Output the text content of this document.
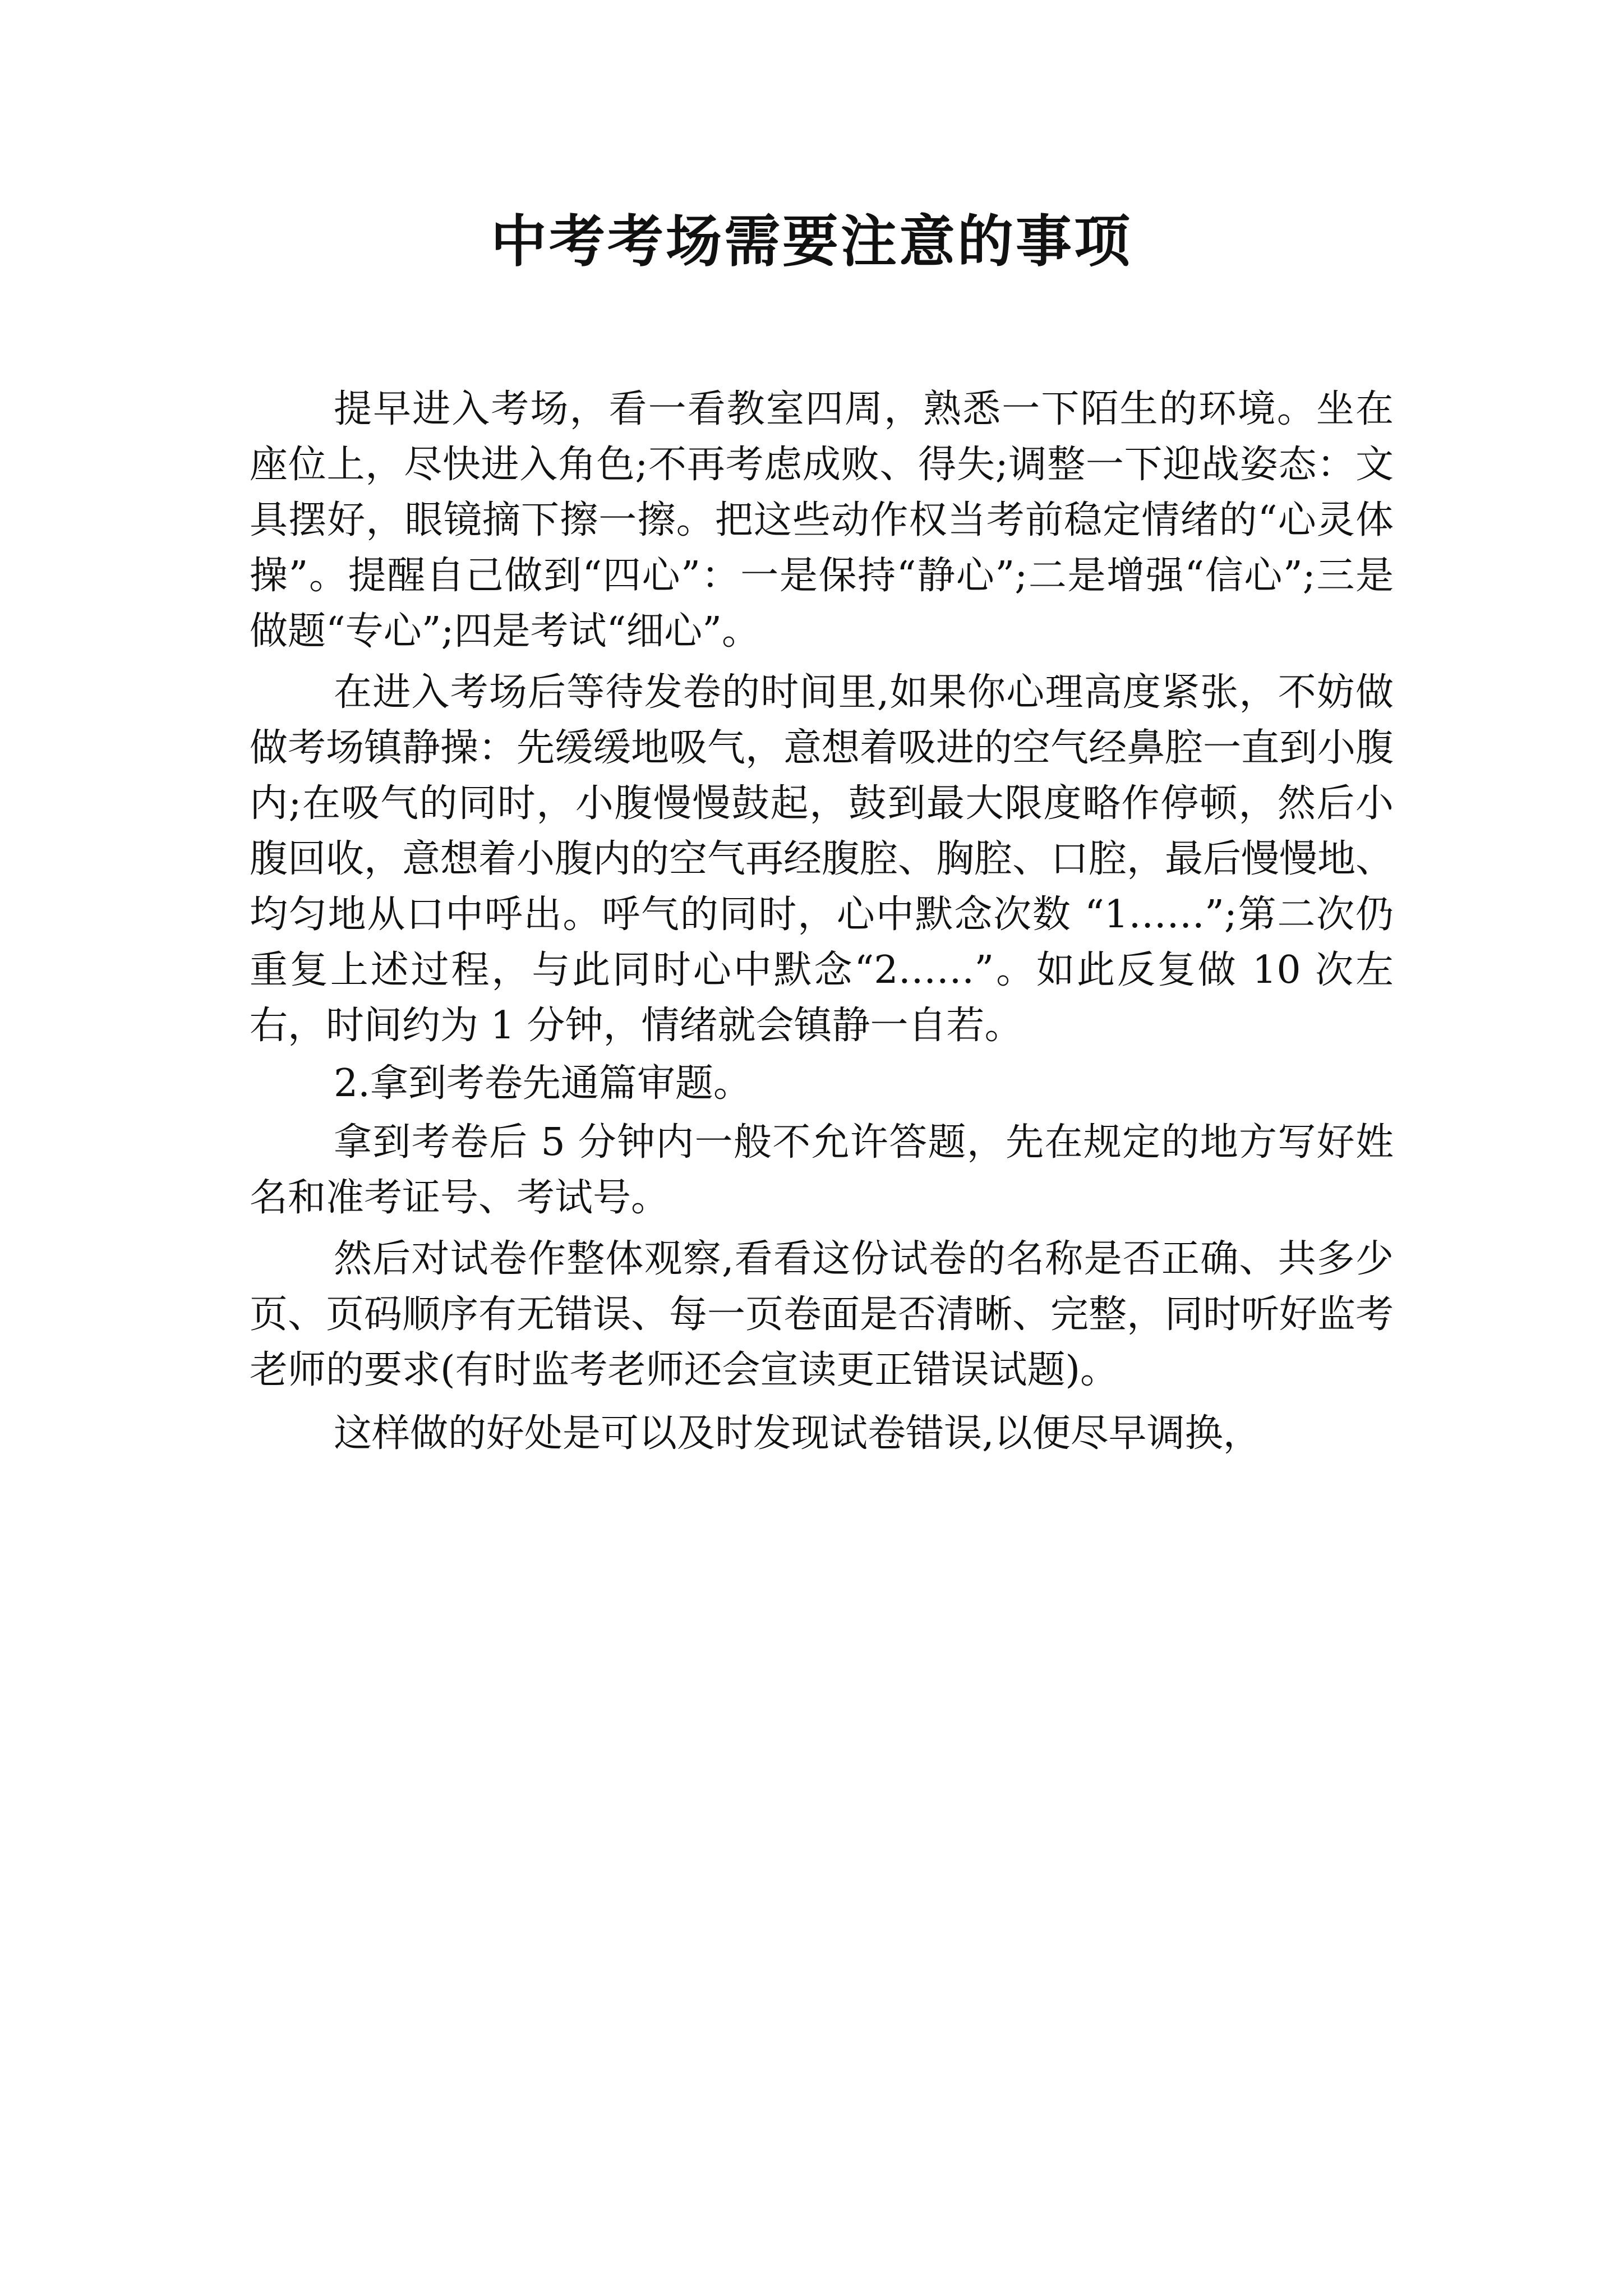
中考考场需要注意的事项

提早进入考场，看一看教室四周，熟悉一下陌生的环境。坐在座位上，尽快进入角色;不再考虑成败、得失;调整一下迎战姿态：文具摆好，眼镜摘下擦一擦。把这些动作权当考前稳定情绪的“心灵体操”。提醒自己做到“四心”：一是保持“静心”;二是增强“信心”;三是做题“专心”;四是考试“细心”。

在进入考场后等待发卷的时间里,如果你心理高度紧张，不妨做做考场镇静操：先缓缓地吸气，意想着吸进的空气经鼻腔一直到小腹内;在吸气的同时，小腹慢慢鼓起，鼓到最大限度略作停顿，然后小腹回收，意想着小腹内的空气再经腹腔、胸腔、口腔，最后慢慢地、均匀地从口中呼出。呼气的同时，心中默念次数 “1……”;第二次仍重复上述过程，与此同时心中默念“2……”。如此反复做 10 次左右，时间约为 1 分钟，情绪就会镇静一自若。

2.拿到考卷先通篇审题。

拿到考卷后 5 分钟内一般不允许答题，先在规定的地方写好姓名和准考证号、考试号。

然后对试卷作整体观察,看看这份试卷的名称是否正确、共多少页、页码顺序有无错误、每一页卷面是否清晰、完整，同时听好监考老师的要求(有时监考老师还会宣读更正错误试题)。

这样做的好处是可以及时发现试卷错误,以便尽早调换，
